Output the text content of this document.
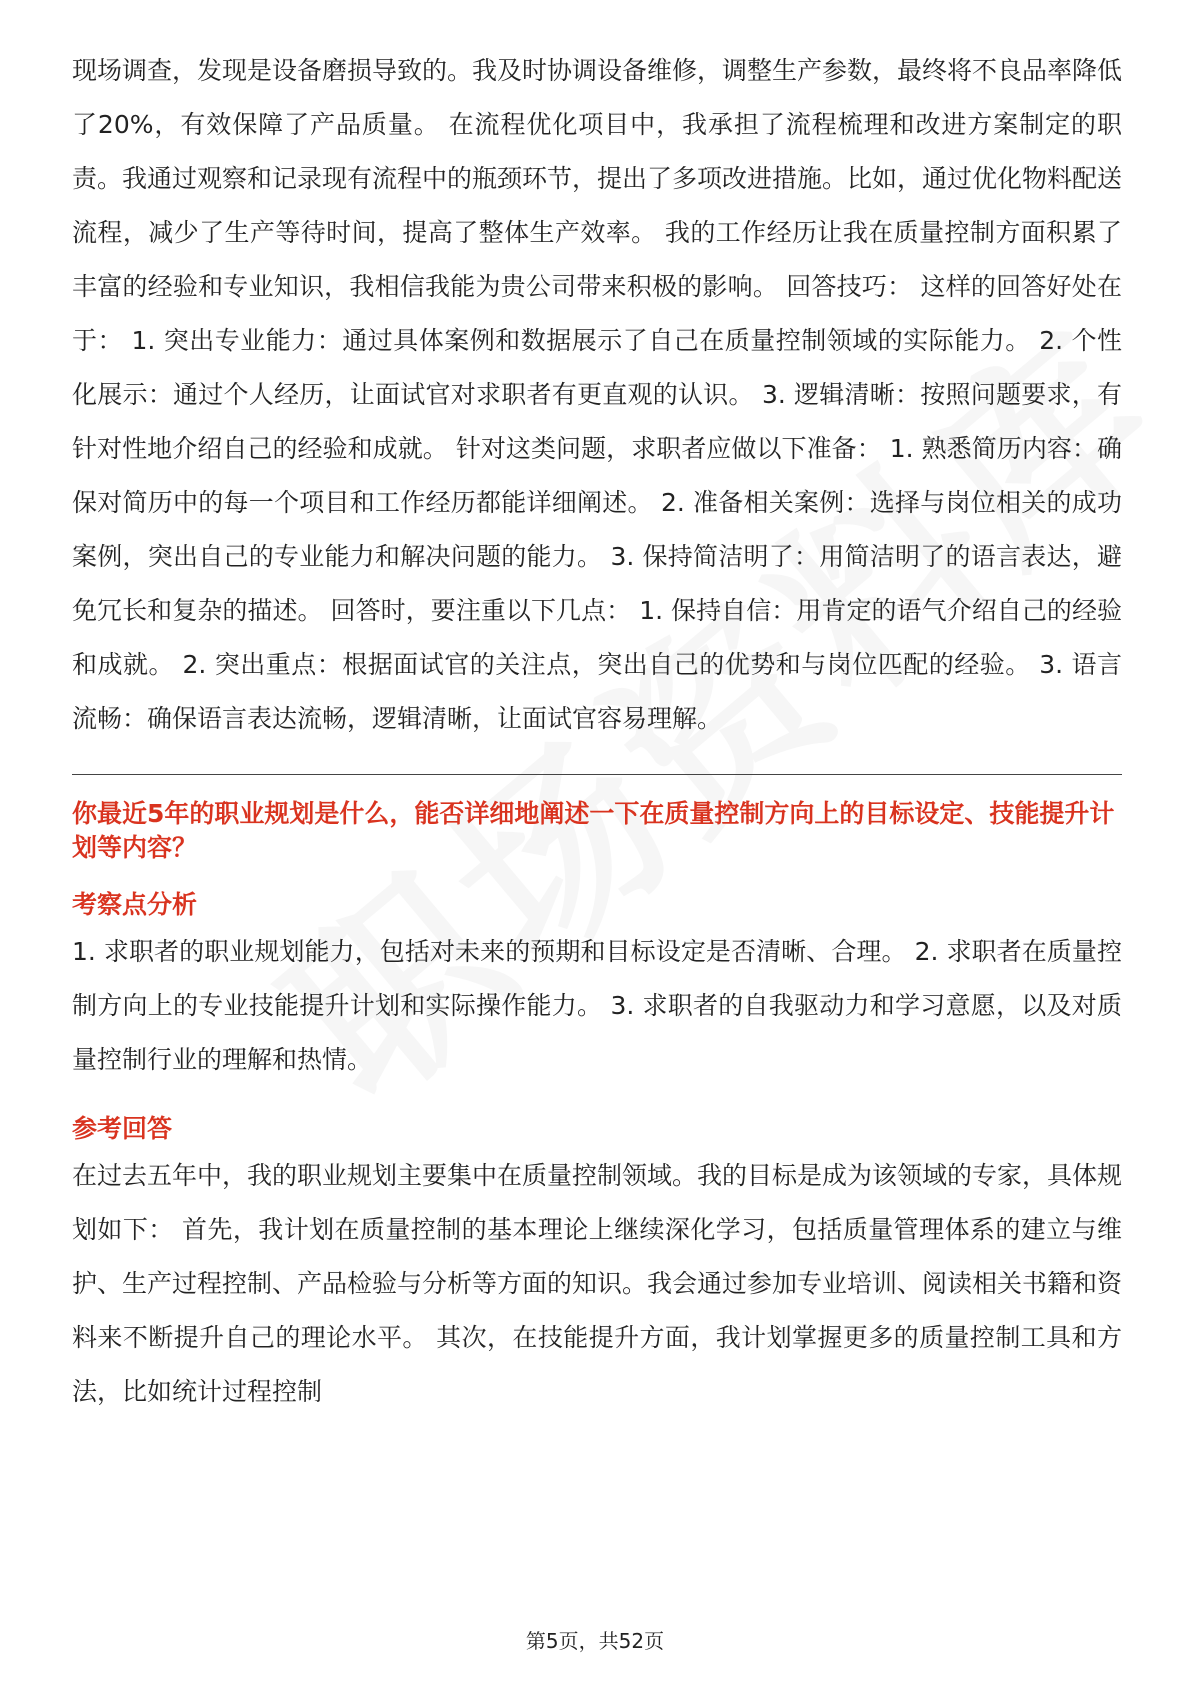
现场调查，发现是设备磨损导致的。我及时协调设备维修，调整生产参数，最终将不良品率降低了20%，有效保障了产品质量。 在流程优化项目中，我承担了流程梳理和改进方案制定的职责。我通过观察和记录现有流程中的瓶颈环节，提出了多项改进措施。比如，通过优化物料配送流程，减少了生产等待时间，提高了整体生产效率。 我的工作经历让我在质量控制方面积累了丰富的经验和专业知识，我相信我能为贵公司带来积极的影响。 回答技巧： 这样的回答好处在于： 1. 突出专业能力：通过具体案例和数据展示了自己在质量控制领域的实际能力。 2. 个性化展示：通过个人经历，让面试官对求职者有更直观的认识。 3. 逻辑清晰：按照问题要求，有针对性地介绍自己的经验和成就。 针对这类问题，求职者应做以下准备： 1. 熟悉简历内容：确保对简历中的每一个项目和工作经历都能详细阐述。 2. 准备相关案例：选择与岗位相关的成功案例，突出自己的专业能力和解决问题的能力。 3. 保持简洁明了：用简洁明了的语言表达，避免冗长和复杂的描述。 回答时，要注重以下几点： 1. 保持自信：用肯定的语气介绍自己的经验和成就。 2. 突出重点：根据面试官的关注点，突出自己的优势和与岗位匹配的经验。 3. 语言流畅：确保语言表达流畅，逻辑清晰，让面试官容易理解。

你最近5年的职业规划是什么，能否详细地阐述一下在质量控制方向上的目标设定、技能提升计划等内容？

考察点分析

1. 求职者的职业规划能力，包括对未来的预期和目标设定是否清晰、合理。 2. 求职者在质量控制方向上的专业技能提升计划和实际操作能力。 3. 求职者的自我驱动力和学习意愿，以及对质量控制行业的理解和热情。

参考回答

在过去五年中，我的职业规划主要集中在质量控制领域。我的目标是成为该领域的专家，具体规划如下： 首先，我计划在质量控制的基本理论上继续深化学习，包括质量管理体系的建立与维护、生产过程控制、产品检验与分析等方面的知识。我会通过参加专业培训、阅读相关书籍和资料来不断提升自己的理论水平。 其次，在技能提升方面，我计划掌握更多的质量控制工具和方法，比如统计过程控制

第5页，共52页
